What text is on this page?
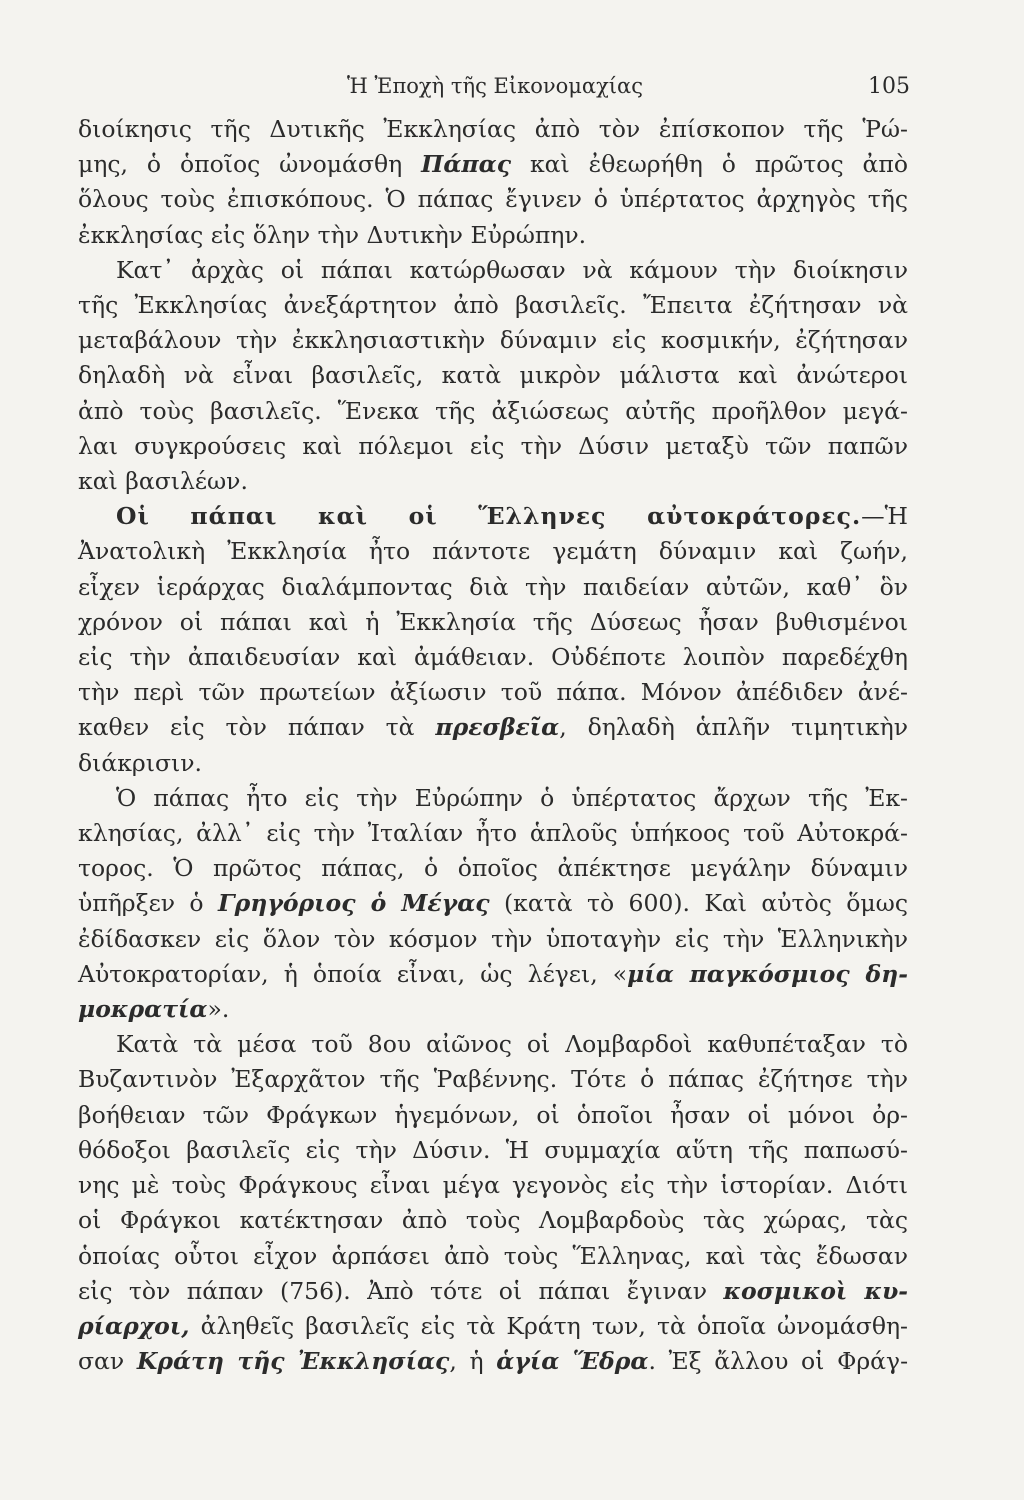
Ἡ Ἐποχὴ τῆς Εἰκονομαχίας	105

διοίκησις τῆς Δυτικῆς Ἐκκλησίας ἀπὸ τὸν ἐπίσκοπον τῆς Ῥώ-
μης, ὁ ὁποῖος ὠνομάσθη Πάπας καὶ ἐθεωρήθη ὁ πρῶτος ἀπὸ
ὅλους τοὺς ἐπισκόπους. Ὁ πάπας ἔγινεν ὁ ὑπέρτατος ἀρχηγὸς τῆς
ἐκκλησίας εἰς ὅλην τὴν Δυτικὴν Εὐρώπην.

Κατ᾿ ἀρχὰς οἱ πάπαι κατώρθωσαν νὰ κάμουν τὴν διοίκησιν
τῆς Ἐκκλησίας ἀνεξάρτητον ἀπὸ βασιλεῖς. Ἔπειτα ἐζήτησαν νὰ
μεταβάλουν τὴν ἐκκλησιαστικὴν δύναμιν εἰς κοσμικήν, ἐζήτησαν
δηλαδὴ νὰ εἶναι βασιλεῖς, κατὰ μικρὸν μάλιστα καὶ ἀνώτεροι
ἀπὸ τοὺς βασιλεῖς. Ἕνεκα τῆς ἀξιώσεως αὐτῆς προῆλθον μεγά-
λαι συγκρούσεις καὶ πόλεμοι εἰς τὴν Δύσιν μεταξὺ τῶν παπῶν
καὶ βασιλέων.

Οἱ πάπαι καὶ οἱ Ἕλληνες αὐτοκράτορες.—Ἡ
Ἀνατολικὴ Ἐκκλησία ἦτο πάντοτε γεμάτη δύναμιν καὶ ζωήν,
εἶχεν ἱεράρχας διαλάμποντας διὰ τὴν παιδείαν αὐτῶν, καθ᾿ ὃν
χρόνον οἱ πάπαι καὶ ἡ Ἐκκλησία τῆς Δύσεως ἦσαν βυθισμένοι
εἰς τὴν ἀπαιδευσίαν καὶ ἀμάθειαν. Οὐδέποτε λοιπὸν παρεδέχθη
τὴν περὶ τῶν πρωτείων ἀξίωσιν τοῦ πάπα. Μόνον ἀπέδιδεν ἀνέ-
καθεν εἰς τὸν πάπαν τὰ πρεσβεῖα, δηλαδὴ ἁπλῆν τιμητικὴν
διάκρισιν.

Ὁ πάπας ἦτο εἰς τὴν Εὐρώπην ὁ ὑπέρτατος ἄρχων τῆς Ἐκ-
κλησίας, ἀλλ᾿ εἰς τὴν Ἰταλίαν ἦτο ἁπλοῦς ὑπήκοος τοῦ Αὐτοκρά-
τορος. Ὁ πρῶτος πάπας, ὁ ὁποῖος ἀπέκτησε μεγάλην δύναμιν
ὑπῆρξεν ὁ Γρηγόριος ὁ Μέγας (κατὰ τὸ 600). Καὶ αὐτὸς ὅμως
ἐδίδασκεν εἰς ὅλον τὸν κόσμον τὴν ὑποταγὴν εἰς τὴν Ἑλληνικὴν
Αὐτοκρατορίαν, ἡ ὁποία εἶναι, ὡς λέγει, «μία παγκόσμιος δη-
μοκρατία».

Κατὰ τὰ μέσα τοῦ 8ου αἰῶνος οἱ Λομβαρδοὶ καθυπέταξαν τὸ
Βυζαντινὸν Ἐξαρχᾶτον τῆς Ῥαβέννης. Τότε ὁ πάπας ἐζήτησε τὴν
βοήθειαν τῶν Φράγκων ἡγεμόνων, οἱ ὁποῖοι ἦσαν οἱ μόνοι ὀρ-
θόδοξοι βασιλεῖς εἰς τὴν Δύσιν. Ἡ συμμαχία αὕτη τῆς παπωσύ-
νης μὲ τοὺς Φράγκους εἶναι μέγα γεγονὸς εἰς τὴν ἱστορίαν. Διότι
οἱ Φράγκοι κατέκτησαν ἀπὸ τοὺς Λομβαρδοὺς τὰς χώρας, τὰς
ὁποίας οὗτοι εἶχον ἁρπάσει ἀπὸ τοὺς Ἕλληνας, καὶ τὰς ἔδωσαν
εἰς τὸν πάπαν (756). Ἀπὸ τότε οἱ πάπαι ἔγιναν κοσμικοὶ κυ-
ρίαρχοι, ἀληθεῖς βασιλεῖς εἰς τὰ Κράτη των, τὰ ὁποῖα ὠνομάσθη-
σαν Κράτη τῆς Ἐκκλησίας, ἡ ἁγία Ἕδρα. Ἐξ ἄλλου οἱ Φράγ-
